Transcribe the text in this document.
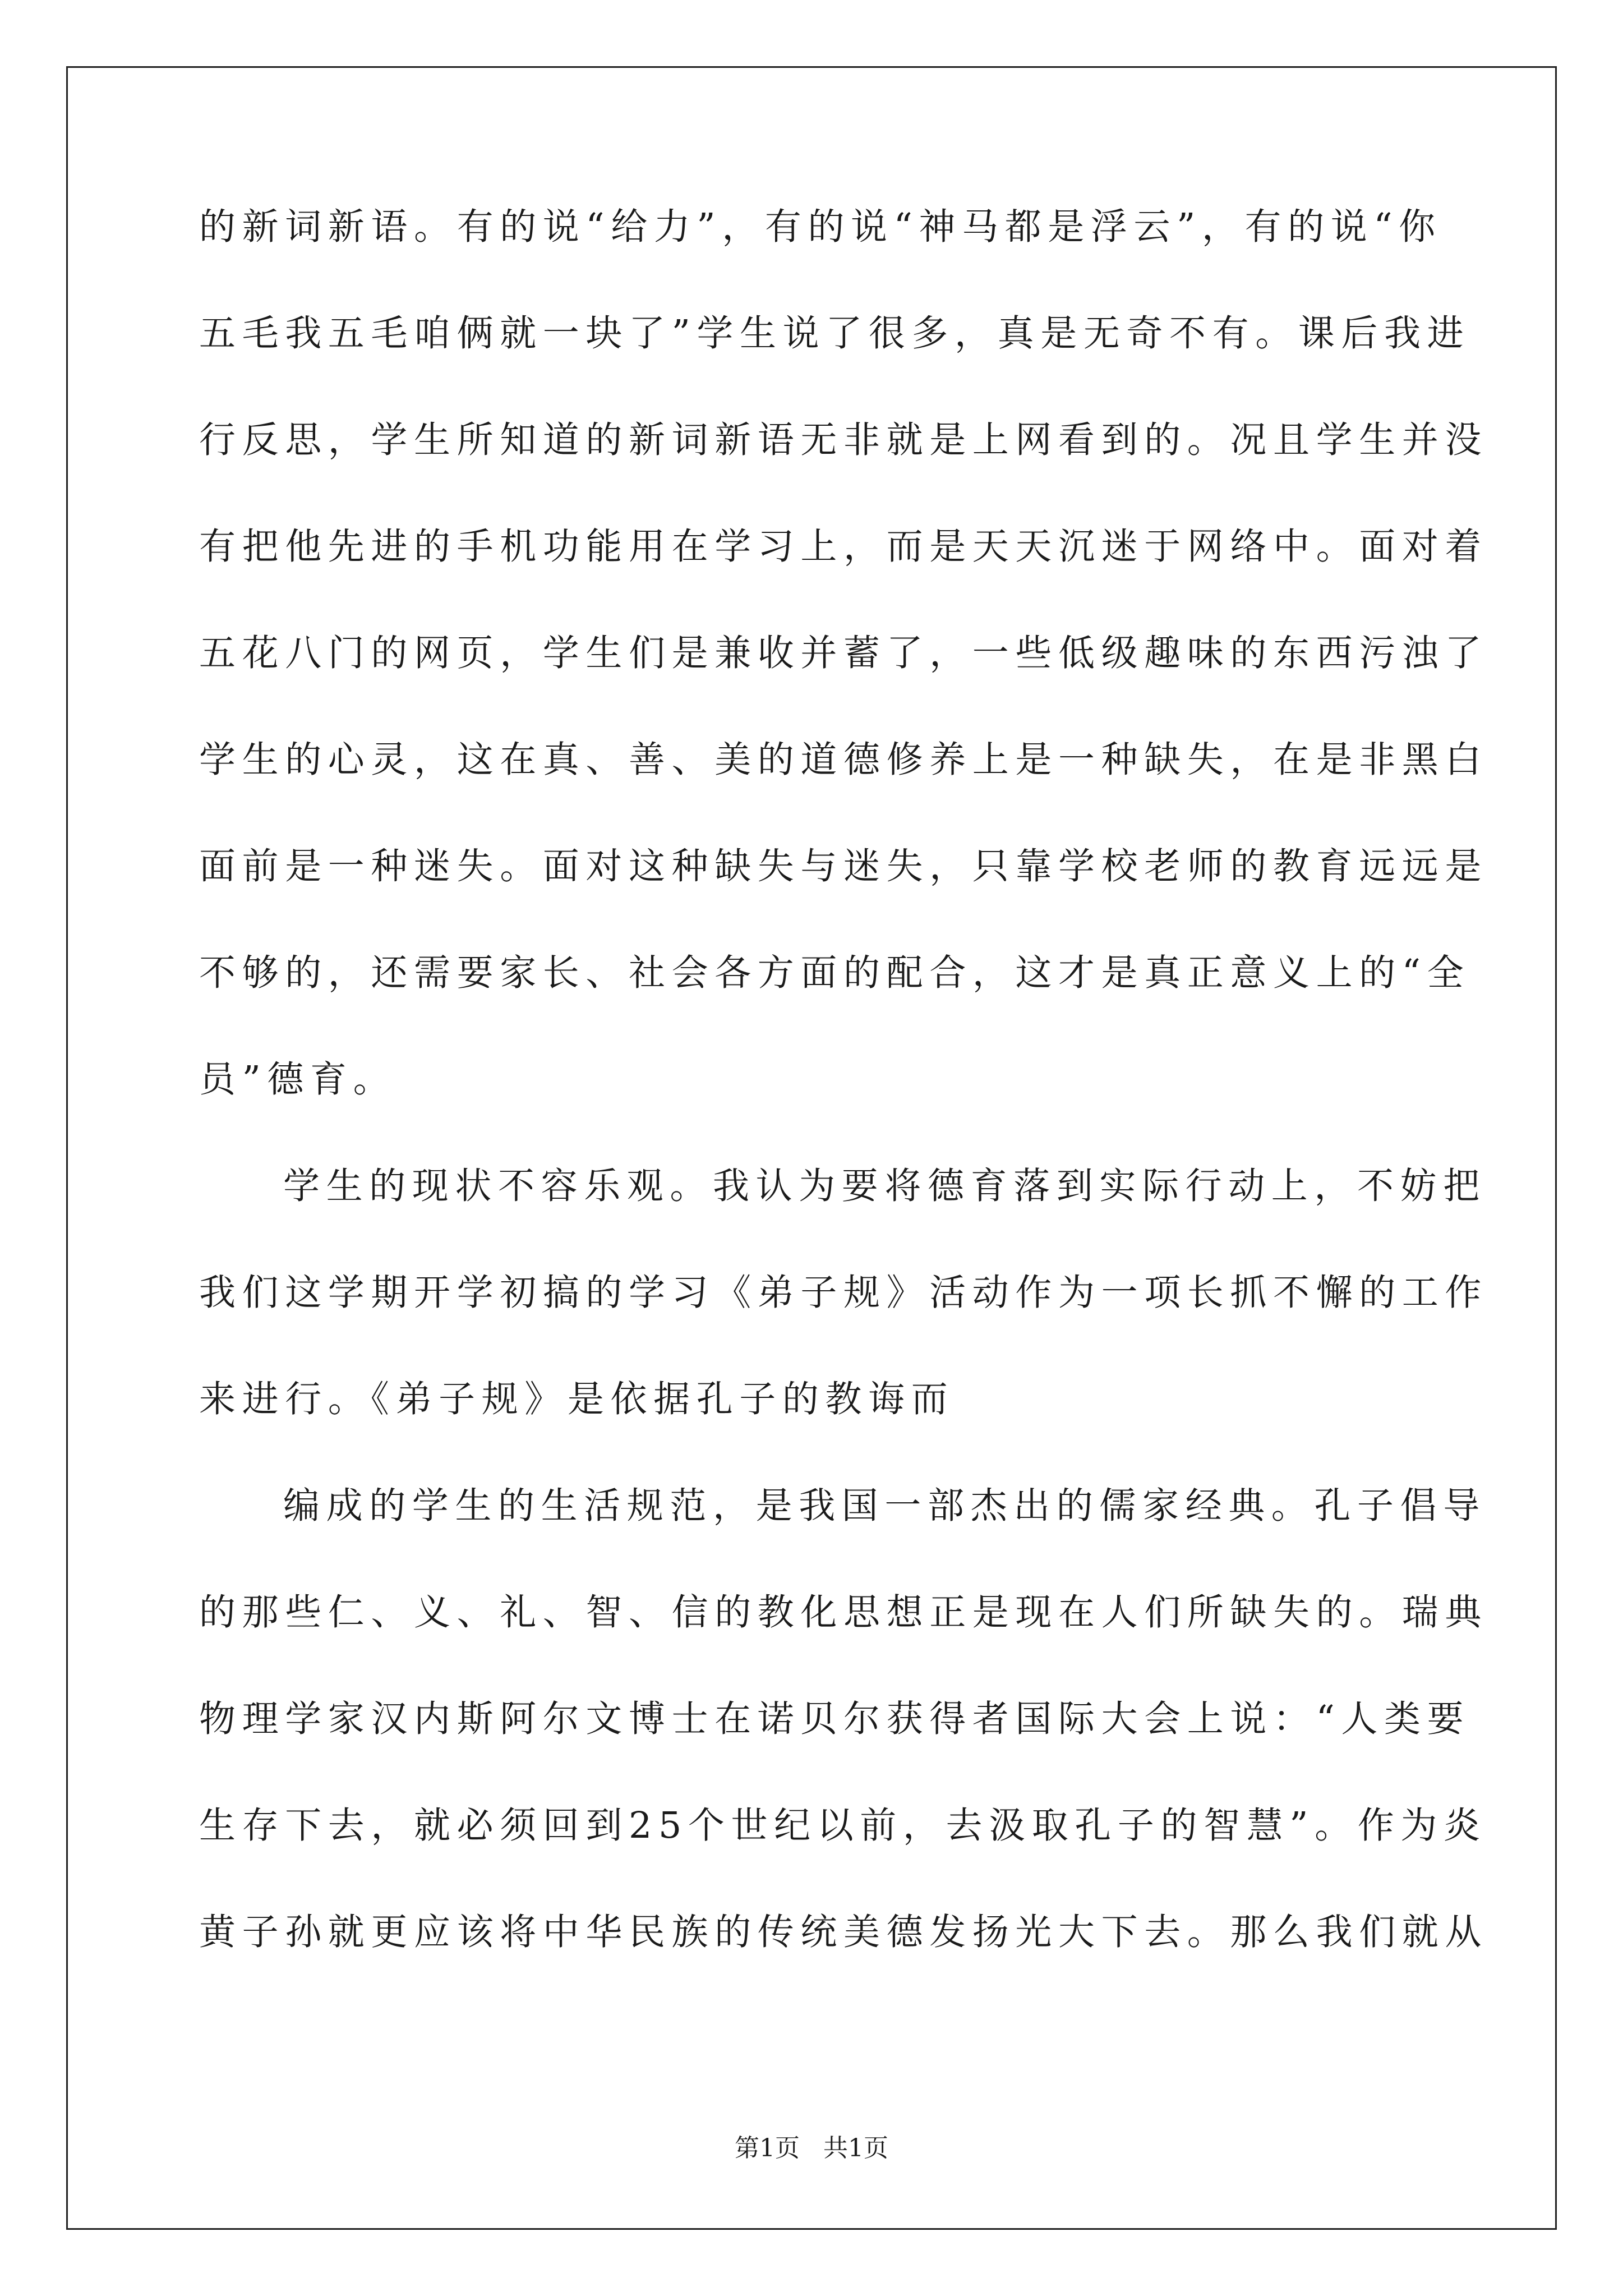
的新词新语。有的说“给力”，有的说“神马都是浮云”，有的说“你
五毛我五毛咱俩就一块了”学生说了很多，真是无奇不有。课后我进
行反思，学生所知道的新词新语无非就是上网看到的。况且学生并没
有把他先进的手机功能用在学习上，而是天天沉迷于网络中。面对着
五花八门的网页，学生们是兼收并蓄了，一些低级趣味的东西污浊了
学生的心灵，这在真、善、美的道德修养上是一种缺失，在是非黑白
面前是一种迷失。面对这种缺失与迷失，只靠学校老师的教育远远是
不够的，还需要家长、社会各方面的配合，这才是真正意义上的“全
员”德育。
学生的现状不容乐观。我认为要将德育落到实际行动上，不妨把
我们这学期开学初搞的学习《弟子规》活动作为一项长抓不懈的工作
来进行。《弟子规》是依据孔子的教诲而
编成的学生的生活规范，是我国一部杰出的儒家经典。孔子倡导
的那些仁、义、礼、智、信的教化思想正是现在人们所缺失的。瑞典
物理学家汉内斯阿尔文博士在诺贝尔获得者国际大会上说：“人类要
生存下去，就必须回到25个世纪以前，去汲取孔子的智慧”。作为炎
黄子孙就更应该将中华民族的传统美德发扬光大下去。那么我们就从
第1页   共1页
